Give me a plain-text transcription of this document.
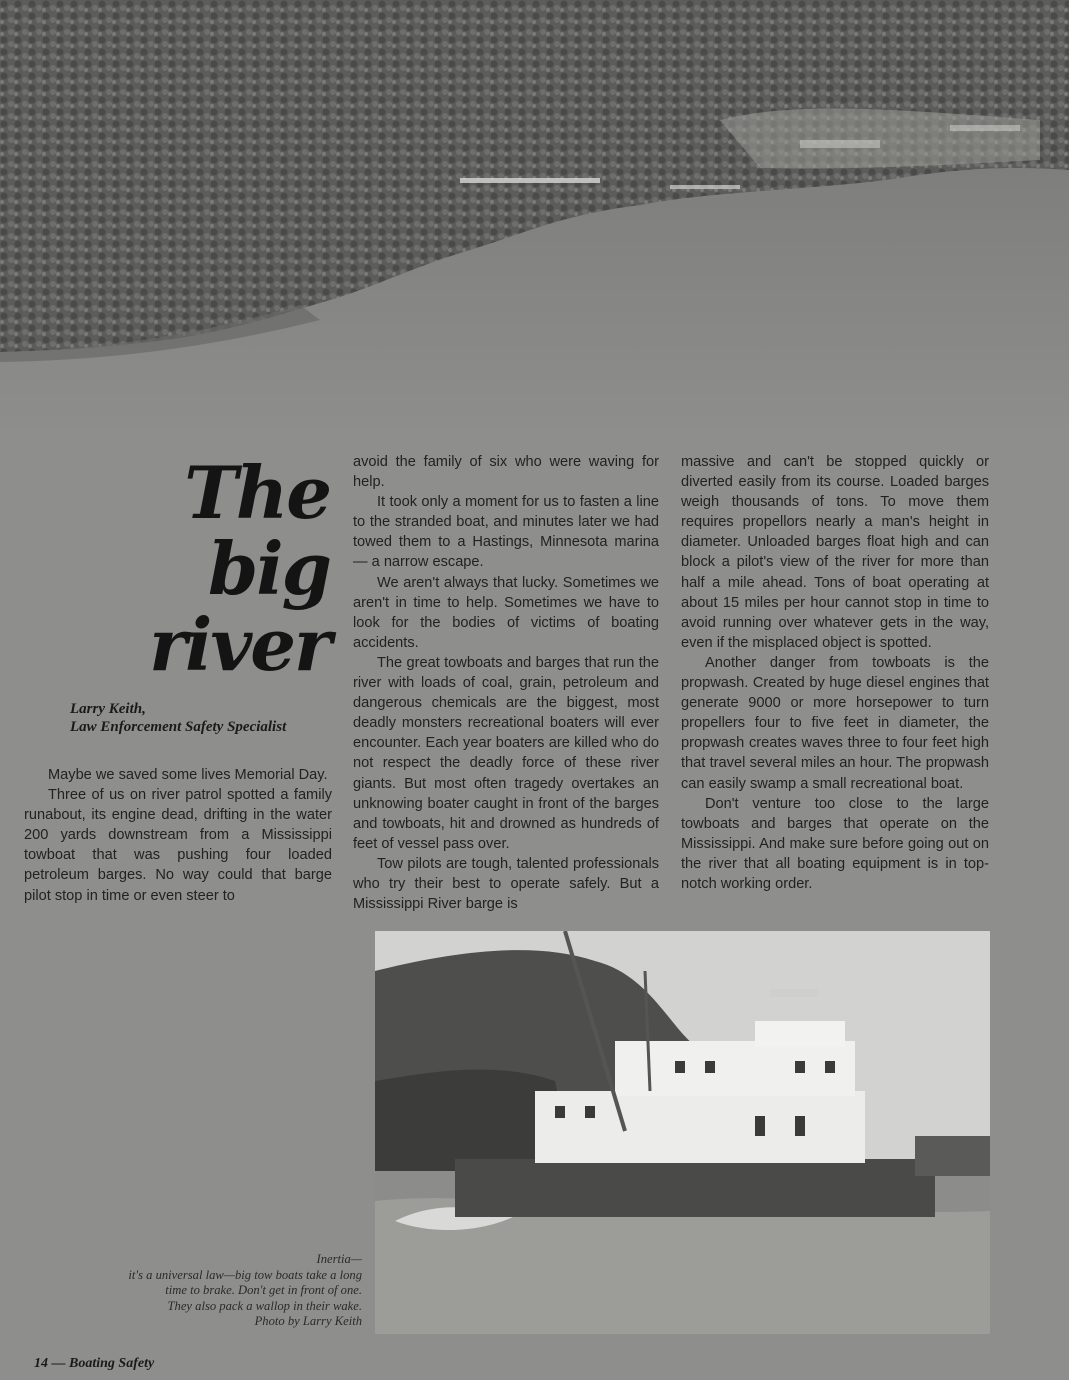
The
big
river
Larry Keith,
Law Enforcement Safety Specialist

Maybe we saved some lives Memorial Day.

Three of us on river patrol spotted a family runabout, its engine dead, drifting in the water 200 yards downstream from a Mississippi towboat that was pushing four loaded petroleum barges. No way could that barge pilot stop in time or even steer to

avoid the family of six who were waving for help.

It took only a moment for us to fasten a line to the stranded boat, and minutes later we had towed them to a Hastings, Minnesota marina — a narrow escape.

We aren't always that lucky. Sometimes we aren't in time to help. Sometimes we have to look for the bodies of victims of boating accidents.

The great towboats and barges that run the river with loads of coal, grain, petroleum and dangerous chemicals are the biggest, most deadly monsters recreational boaters will ever encounter. Each year boaters are killed who do not respect the deadly force of these river giants. But most often tragedy overtakes an unknowing boater caught in front of the barges and towboats, hit and drowned as hundreds of feet of vessel pass over.

Tow pilots are tough, talented professionals who try their best to operate safely. But a Mississippi River barge is

massive and can't be stopped quickly or diverted easily from its course. Loaded barges weigh thousands of tons. To move them requires propellors nearly a man's height in diameter. Unloaded barges float high and can block a pilot's view of the river for more than half a mile ahead. Tons of boat operating at about 15 miles per hour cannot stop in time to avoid running over whatever gets in the way, even if the misplaced object is spotted.

Another danger from towboats is the propwash. Created by huge diesel engines that generate 9000 or more horsepower to turn propellers four to five feet in diameter, the propwash creates waves three to four feet high that travel several miles an hour. The propwash can easily swamp a small recreational boat.

Don't venture too close to the large towboats and barges that operate on the Mississippi. And make sure before going out on the river that all boating equipment is in top-notch working order.

Inertia—
it's a universal law—big tow boats take a long
time to brake. Don't get in front of one.
They also pack a wallop in their wake.
Photo by Larry Keith
14 — Boating Safety
